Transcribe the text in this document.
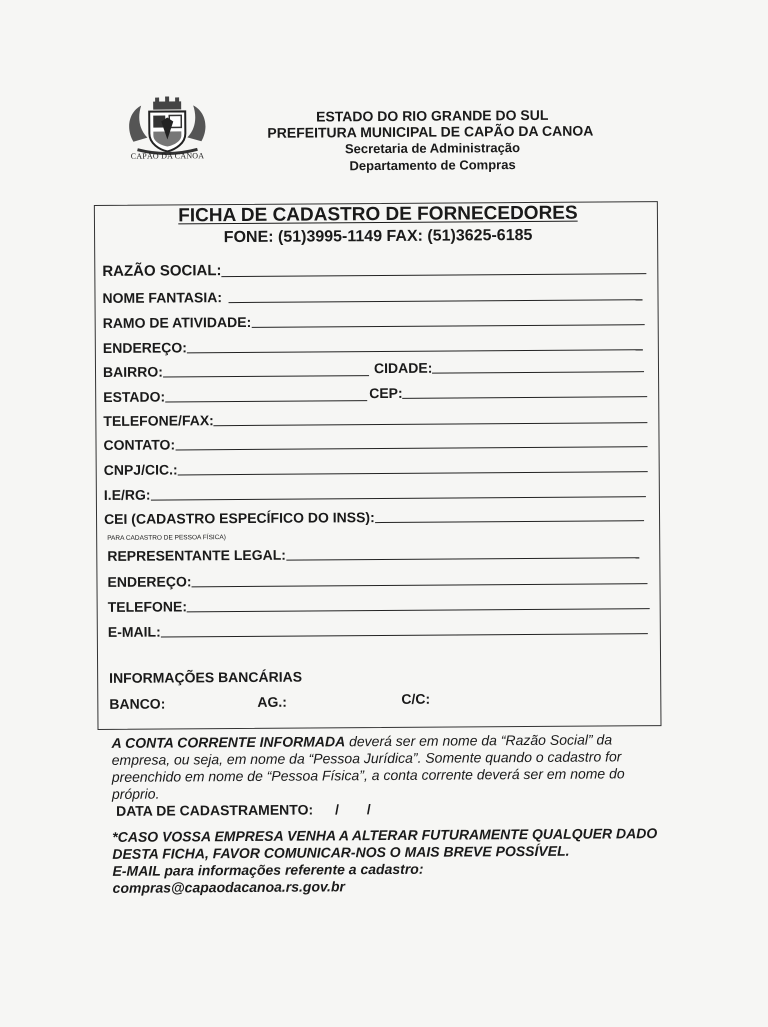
CAPÃO DA CANOA
ESTADO DO RIO GRANDE DO SUL
PREFEITURA MUNICIPAL DE CAPÃO DA CANOA
Secretaria de Administração
Departamento de Compras
FICHA DE CADASTRO DE FORNECEDORES
FONE: (51)3995-1149 FAX: (51)3625-6185
RAZÃO SOCIAL:
NOME FANTASIA:
RAMO DE ATIVIDADE:
ENDEREÇO:
BAIRRO:	CIDADE:
ESTADO:	CEP:
TELEFONE/FAX:
CONTATO:
CNPJ/CIC.:
I.E/RG:
CEI (CADASTRO ESPECÍFICO DO INSS):
PARA CADASTRO DE PESSOA FÍSICA)
REPRESENTANTE LEGAL:
ENDEREÇO:
TELEFONE:
E-MAIL:
INFORMAÇÕES BANCÁRIAS
BANCO:	AG.:	C/C:
A CONTA CORRENTE INFORMADA deverá ser em nome da “Razão Social” da empresa, ou seja, em nome da “Pessoa Jurídica”. Somente quando o cadastro for preenchido em nome de “Pessoa Física”, a conta corrente deverá ser em nome do próprio.
DATA DE CADASTRAMENTO: / /
*CASO VOSSA EMPRESA VENHA A ALTERAR FUTURAMENTE QUALQUER DADO DESTA FICHA, FAVOR COMUNICAR-NOS O MAIS BREVE POSSÍVEL.
E-MAIL para informações referente a cadastro:
compras@capaodacanoa.rs.gov.br
